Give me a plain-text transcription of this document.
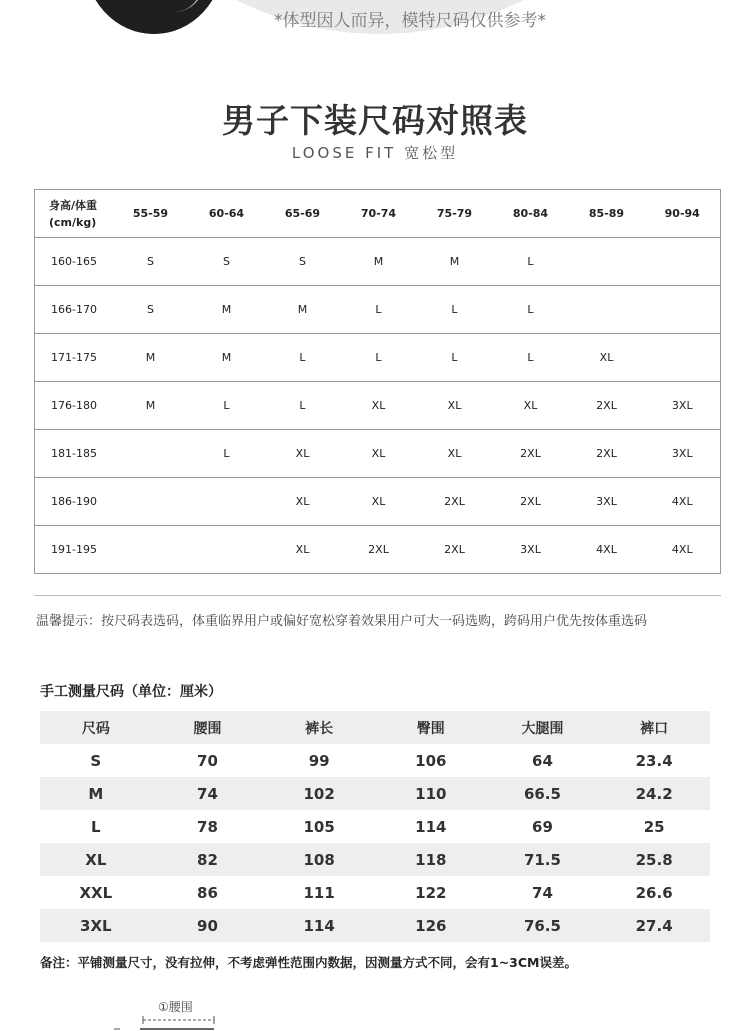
*体型因人而异，模特尺码仅供参考*
男子下装尺码对照表
LOOSE FIT 宽松型
身高/体重
(cm/kg)	55-59	60-64	65-69	70-74	75-79	80-84	85-89	90-94
160-165	S	S	S	M	M	L		
166-170	S	M	M	L	L	L		
171-175	M	M	L	L	L	L	XL	
176-180	M	L	L	XL	XL	XL	2XL	3XL
181-185		L	XL	XL	XL	2XL	2XL	3XL
186-190			XL	XL	2XL	2XL	3XL	4XL
191-195			XL	2XL	2XL	3XL	4XL	4XL
温馨提示：按尺码表选码，体重临界用户或偏好宽松穿着效果用户可大一码选购，跨码用户优先按体重选码
手工测量尺码（单位：厘米）
尺码	腰围	裤长	臀围	大腿围	裤口
S	70	99	106	64	23.4
M	74	102	110	66.5	24.2
L	78	105	114	69	25
XL	82	108	118	71.5	25.8
XXL	86	111	122	74	26.6
3XL	90	114	126	76.5	27.4
备注：平铺测量尺寸，没有拉伸，不考虑弹性范围内数据，因测量方式不同，会有1~3CM误差。
①腰围
